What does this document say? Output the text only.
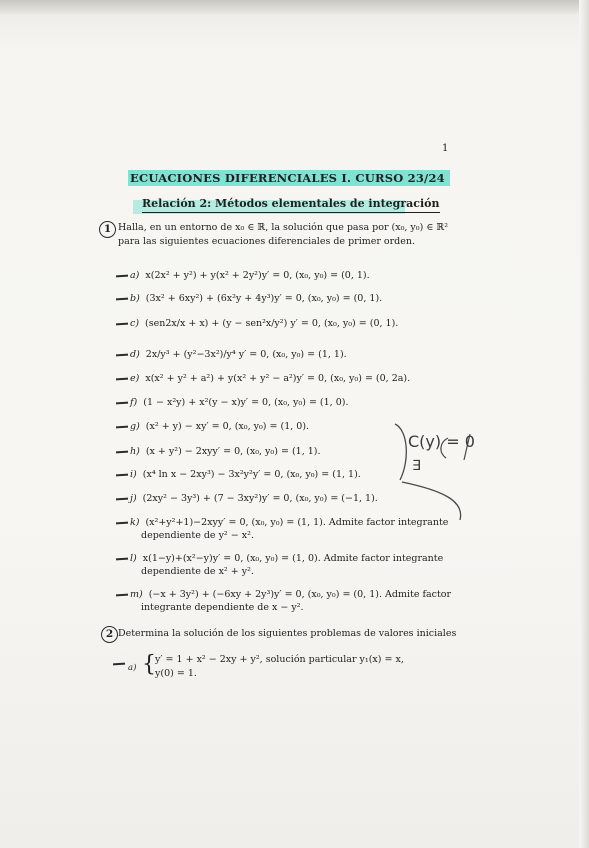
1
ECUACIONES DIFERENCIALES I. CURSO 23/24
Relación 2: Métodos elementales de integración
1 Halla, en un entorno de x₀ ∈ ℝ, la solución que pasa por (x₀, y₀) ∈ ℝ²
para las siguientes ecuaciones diferenciales de primer orden.
a) x(2x² + y²) + y(x² + 2y²)y′ = 0, (x₀, y₀) = (0, 1).
b) (3x² + 6xy²) + (6x²y + 4y³)y′ = 0, (x₀, y₀) = (0, 1).
c) (sen2x/x + x) + (y − sen²x/y²) y′ = 0, (x₀, y₀) = (0, 1).
d) 2x/y³ + (y²−3x²)/y⁴ y′ = 0, (x₀, y₀) = (1, 1).
e) x(x² + y² + a²) + y(x² + y² − a²)y′ = 0, (x₀, y₀) = (0, 2a).
f) (1 − x²y) + x²(y − x)y′ = 0, (x₀, y₀) = (1, 0).
g) (x² + y) − xy′ = 0, (x₀, y₀) = (1, 0).
h) (x + y²) − 2xyy′ = 0, (x₀, y₀) = (1, 1).
i) (x⁴ ln x − 2xy³) − 3x²y²y′ = 0, (x₀, y₀) = (1, 1).
j) (2xy² − 3y³) + (7 − 3xy²)y′ = 0, (x₀, y₀) = (−1, 1).
k) (x²+y²+1)−2xyy′ = 0, (x₀, y₀) = (1, 1). Admite factor integrante
dependiente de y² − x².
l) x(1−y)+(x²−y)y′ = 0, (x₀, y₀) = (1, 0). Admite factor integrante
dependiente de x² + y².
m) (−x + 3y²) + (−6xy + 2y³)y′ = 0, (x₀, y₀) = (0, 1). Admite factor
integrante dependiente de x − y².
2 Determina la solución de los siguientes problemas de valores iniciales
a) { y′ = 1 + x² − 2xy + y², solución particular y₁(x) = x,
y(0) = 1.
C(y) = 0
∃
